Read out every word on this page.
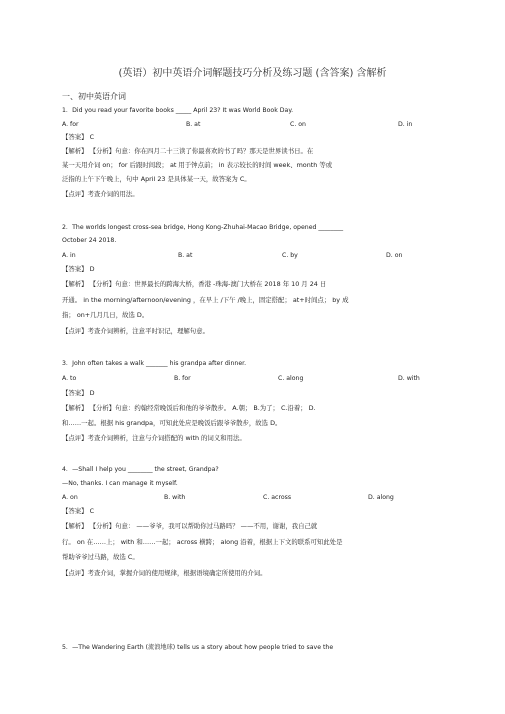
(英语）初中英语介词解题技巧分析及练习题 (含答案) 含解析
一、初中英语介词
1．Did you read your favorite books _____ April 23? It was World Book Day.
A. for	B. at	C. on	D. in
【答案】 C
【解析】 【分析】句意：你在四月二十三读了你最喜欢的书了吗？那天是世界读书日。在
某一天用介词 on； for 后跟时间段； at 用于钟点前； in 表示较长的时间 week、month 等或
泛指的上午下午晚上，句中 April 23 是具体某一天，故答案为 C。
【点评】考查介词的用法。
2．The worlds longest cross-sea bridge, Hong Kong-Zhuhai-Macao Bridge, opened ________
October 24 2018.
A. in	B. at	C. by	D. on
【答案】 D
【解析】 【分析】句意：世界最长的跨海大桥，香港 -珠海-澳门大桥在 2018 年 10 月 24 日
开通。 in the morning/afternoon/evening ，在早上 /下午 /晚上，固定搭配； at+时间点； by 成
指； on+几月几日，故选 D。
【点评】考查介词辨析，注意平时识记，理解句意。
3．John often takes a walk _______ his grandpa after dinner.
A. to	B. for	C. along	D. with
【答案】 D
【解析】 【分析】句意：约翰经常晚饭后和他的爷爷散步。 A.朝； B.为了； C.沿着； D.
和……一起。根据 his grandpa，可知此处应是晚饭后跟爷爷散步，故选 D。
【点评】考查介词辨析，注意与介词搭配的 with 的词义和用法。
4．—Shall I help you ________ the street, Grandpa?
—No, thanks. I can manage it myself.
A. on	B. with	C. across	D. along
【答案】 C
【解析】 【分析】句意： ——爷爷，我可以帮助你过马路吗？ ——不用，谢谢，我自己就
行。 on 在……上； with 和……一起； across 横跨； along 沿着，根据上下文的联系可知此处是
帮助爷爷过马路，故选 C。
【点评】考查介词，掌握介词的使用规律，根据语境确定所使用的介词。
5．—The Wandering Earth (流浪地球) tells us a story about how people tried to save the
